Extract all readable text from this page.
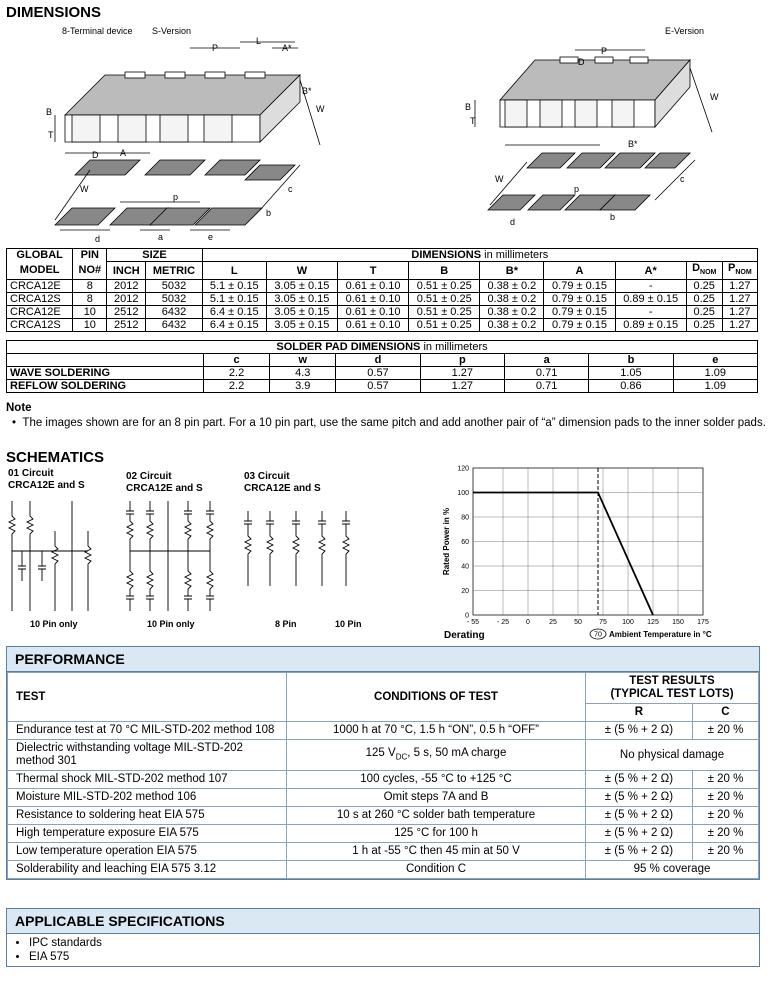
DIMENSIONS
8-Terminal device S-Version	E-Version
P
L
A*
B
T
W
D A
B*
W
p
c
b
d	a	e
P
D
B
T
W
B*
W
p
c
b
d
GLOBAL	PIN	SIZE		DIMENSIONS in millimeters								
MODEL	NO#	INCH	METRIC	L	W	T	B	B*	A	A*	$D_{NOM}$	$P_{NOM}$
CRCA12E	8	2012	5032	5.1 ± 0.15	3.05 ± 0.15	0.61 ± 0.10	0.51 ± 0.25	0.38 ± 0.2	0.79 ± 0.15	-	0.25	1.27
CRCA12S	8	2012	5032	5.1 ± 0.15	3.05 ± 0.15	0.61 ± 0.10	0.51 ± 0.25	0.38 ± 0.2	0.79 ± 0.15	0.89 ± 0.15	0.25	1.27
CRCA12E	10	2512	6432	6.4 ± 0.15	3.05 ± 0.15	0.61 ± 0.10	0.51 ± 0.25	0.38 ± 0.2	0.79 ± 0.15	-	0.25	1.27
CRCA12S	10	2512	6432	6.4 ± 0.15	3.05 ± 0.15	0.61 ± 0.10	0.51 ± 0.25	0.38 ± 0.2	0.79 ± 0.15	0.89 ± 0.15	0.25	1.27
SOLDER PAD DIMENSIONS in millimeters							
	c	w	d	p	a	b	e
WAVE SOLDERING	2.2	4.3	0.57	1.27	0.71	1.05	1.09
REFLOW SOLDERING	2.2	3.9	0.57	1.27	0.71	0.86	1.09
Note
•  The images shown are for an 8 pin part. For a 10 pin part, use the same pitch and add another pair of “a” dimension pads to the inner solder pads.
SCHEMATICS
01 Circuit
CRCA12E and S
02 Circuit
CRCA12E and S
03 Circuit
CRCA12E and S
10 Pin only	10 Pin only	8 Pin	10 Pin	- 55	- 25 0	25 50 75 100 125 150 175
0
20
40
60
80
100
120
Rated Power in %
Derating	70 Ambient Temperature in °C
PERFORMANCE
TEST	CONDITIONS OF TEST	TEST RESULTS
(TYPICAL TEST LOTS)	

		R	C
Endurance test at 70 °C MIL-STD-202 method 108	1000 h at 70 °C, 1.5 h “ON”, 0.5 h “OFF”	± (5 % + 2 Ω)	± 20 %
Dielectric withstanding voltage MIL-STD-202 method 301	125 $V_{DC}$, 5 s, 50 mA charge	No physical damage	
Thermal shock MIL-STD-202 method 107	100 cycles, -55 °C to +125 °C	± (5 % + 2 Ω)	± 20 %
Moisture MIL-STD-202 method 106	Omit steps 7A and B	± (5 % + 2 Ω)	± 20 %
Resistance to soldering heat EIA 575	10 s at 260 °C solder bath temperature	± (5 % + 2 Ω)	± 20 %
High temperature exposure EIA 575	125 °C for 100 h	± (5 % + 2 Ω)	± 20 %
Low temperature operation EIA 575	1 h at -55 °C then 45 min at 50 V	± (5 % + 2 Ω)	± 20 %
Solderability and leaching EIA 575 3.12	Condition C	95 % coverage	
APPLICABLE SPECIFICATIONS
• IPC standards
• EIA 575
